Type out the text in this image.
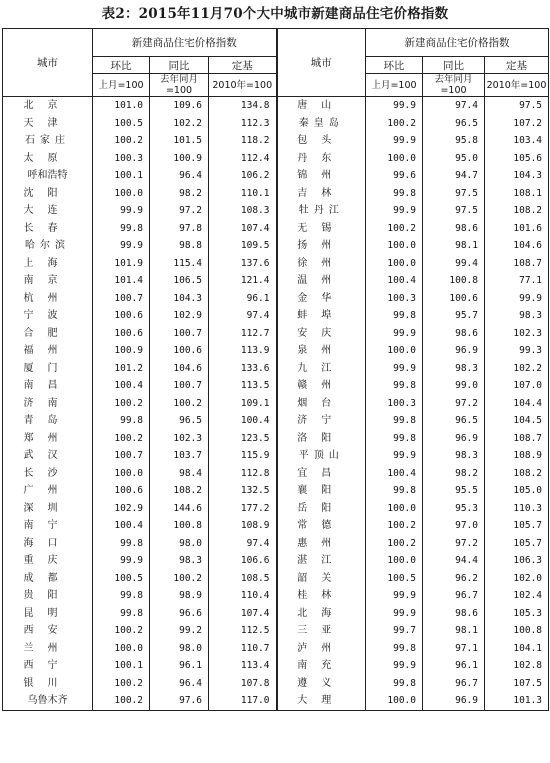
表2：2015年11月70个大中城市新建商品住宅价格指数
城市	新建商品住宅价格指数			城市	新建商品住宅价格指数		
	环比	同比	定基		环比	同比	定基
	上月=100	去年同月=100	2010年=100		上月=100	去年同月=100	2010年=100
北京	101.0	109.6	134.8	唐山	99.9	97.4	97.5
天津	100.5	102.2	112.3	秦皇岛	100.2	96.5	107.2
石家庄	100.2	101.5	118.2	包头	99.9	95.8	103.4
太原	100.3	100.9	112.4	丹东	100.0	95.0	105.6
呼和浩特	100.1	96.4	106.2	锦州	99.6	94.7	104.3
沈阳	100.0	98.2	110.1	吉林	99.8	97.5	108.1
大连	99.9	97.2	108.3	牡丹江	99.9	97.5	108.2
长春	99.8	97.8	107.4	无锡	100.2	98.6	101.6
哈尔滨	99.9	98.8	109.5	扬州	100.0	98.1	104.6
上海	101.9	115.4	137.6	徐州	100.0	99.4	108.7
南京	101.4	106.5	121.4	温州	100.4	100.8	77.1
杭州	100.7	104.3	96.1	金华	100.3	100.6	99.9
宁波	100.6	102.9	97.4	蚌埠	99.8	95.7	98.3
合肥	100.6	100.7	112.7	安庆	99.9	98.6	102.3
福州	100.9	100.6	113.9	泉州	100.0	96.9	99.3
厦门	101.2	104.6	133.6	九江	99.9	98.3	102.2
南昌	100.4	100.7	113.5	赣州	99.8	99.0	107.0
济南	100.2	100.2	109.1	烟台	100.3	97.2	104.4
青岛	99.8	96.5	100.4	济宁	99.8	96.5	104.5
郑州	100.2	102.3	123.5	洛阳	99.8	96.9	108.7
武汉	100.7	103.7	115.9	平顶山	99.9	98.3	108.9
长沙	100.0	98.4	112.8	宜昌	100.4	98.2	108.2
广州	100.6	108.2	132.5	襄阳	99.8	95.5	105.0
深圳	102.9	144.6	177.2	岳阳	100.0	95.3	110.3
南宁	100.4	100.8	108.9	常德	100.2	97.0	105.7
海口	99.8	98.0	97.4	惠州	100.2	97.2	105.7
重庆	99.9	98.3	106.6	湛江	100.0	94.4	106.3
成都	100.5	100.2	108.5	韶关	100.5	96.2	102.0
贵阳	99.8	98.9	110.4	桂林	99.9	96.7	102.4
昆明	99.8	96.6	107.4	北海	99.9	98.6	105.3
西安	100.2	99.2	112.5	三亚	99.7	98.1	100.8
兰州	100.0	98.0	110.7	泸州	99.8	97.1	104.1
西宁	100.1	96.1	113.4	南充	99.9	96.1	102.8
银川	100.2	96.4	107.8	遵义	99.8	96.7	107.5
乌鲁木齐	100.2	97.6	117.0	大理	100.0	96.9	101.3
